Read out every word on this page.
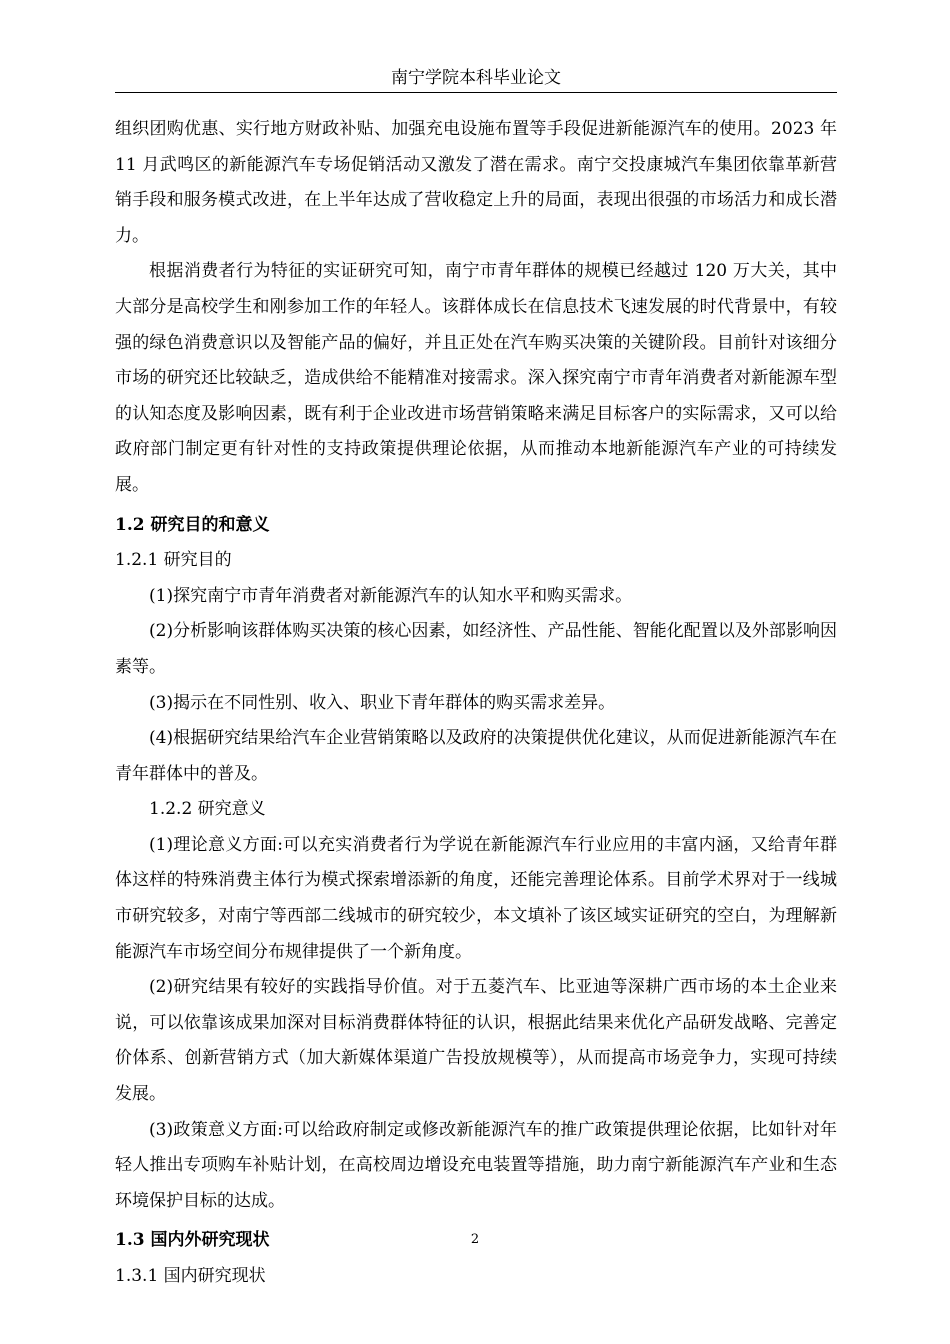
南宁学院本科毕业论文

组织团购优惠、实行地方财政补贴、加强充电设施布置等手段促进新能源汽车的使用。2023 年 11 月武鸣区的新能源汽车专场促销活动又激发了潜在需求。南宁交投康城汽车集团依靠革新营销手段和服务模式改进，在上半年达成了营收稳定上升的局面，表现出很强的市场活力和成长潜力。

根据消费者行为特征的实证研究可知，南宁市青年群体的规模已经越过 120 万大关，其中大部分是高校学生和刚参加工作的年轻人。该群体成长在信息技术飞速发展的时代背景中，有较强的绿色消费意识以及智能产品的偏好，并且正处在汽车购买决策的关键阶段。目前针对该细分市场的研究还比较缺乏，造成供给不能精准对接需求。深入探究南宁市青年消费者对新能源车型的认知态度及影响因素，既有利于企业改进市场营销策略来满足目标客户的实际需求，又可以给政府部门制定更有针对性的支持政策提供理论依据，从而推动本地新能源汽车产业的可持续发展。

1.2 研究目的和意义

1.2.1 研究目的

(1)探究南宁市青年消费者对新能源汽车的认知水平和购买需求。

(2)分析影响该群体购买决策的核心因素，如经济性、产品性能、智能化配置以及外部影响因素等。

(3)揭示在不同性别、收入、职业下青年群体的购买需求差异。

(4)根据研究结果给汽车企业营销策略以及政府的决策提供优化建议，从而促进新能源汽车在青年群体中的普及。

1.2.2 研究意义

(1)理论意义方面:可以充实消费者行为学说在新能源汽车行业应用的丰富内涵，又给青年群体这样的特殊消费主体行为模式探索增添新的角度，还能完善理论体系。目前学术界对于一线城市研究较多，对南宁等西部二线城市的研究较少，本文填补了该区域实证研究的空白，为理解新能源汽车市场空间分布规律提供了一个新角度。

(2)研究结果有较好的实践指导价值。对于五菱汽车、比亚迪等深耕广西市场的本土企业来说，可以依靠该成果加深对目标消费群体特征的认识，根据此结果来优化产品研发战略、完善定价体系、创新营销方式（加大新媒体渠道广告投放规模等），从而提高市场竞争力，实现可持续发展。

(3)政策意义方面:可以给政府制定或修改新能源汽车的推广政策提供理论依据，比如针对年轻人推出专项购车补贴计划，在高校周边增设充电装置等措施，助力南宁新能源汽车产业和生态环境保护目标的达成。

1.3 国内外研究现状

1.3.1 国内研究现状

2
